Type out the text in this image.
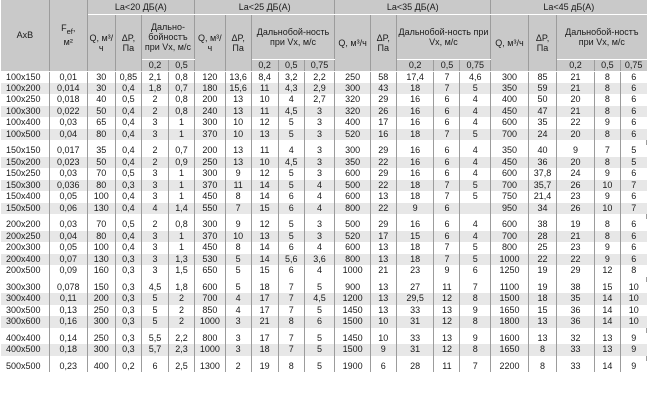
AxB	$F_{ef}$,
м²	La<20 ДБ(A)				La<25 ДБ(A)					La<35 ДБ(A)					La<45 дБ(A)				
		Q, м³/ч	ΔP, Па	Дально-бойностъ при Vx, м/с		Q, м³/ч	ΔP, Па	Дальнобой-ность при Vx, м/с			Q, м³/ч	ΔP, Па	Дальнобой-ность при Vx, м/с			Q, м³/ч	ΔP, Па	Дальнобой-ностъ при Vx, м/с		
				0,2	0,5			0,2	0,5	0,75			0,2	0,5	0,75			0,2	0,5	0,75
100x150	0,01	30	0,85	2,1	0,8	120	13,6	8,4	3,2	2,2	250	58	17,4	7	4,6	300	85	21	8	6
100x200	0,014	30	0,4	1,8	0,7	180	15,6	11	4,3	2,9	300	43	18	7	5	350	59	21	8	6
100x250	0,018	40	0,5	2	0,8	200	13	10	4	2,7	320	29	16	6	4	400	50	20	8	6
100x300	0,022	50	0,4	2	0,8	240	13	11	4,5	3	320	26	16	6	4	450	47	21	8	6
100x400	0,03	65	0,4	3	1	300	10	12	5	3	400	17	16	6	4	600	35	22	9	6
100x500	0,04	80	0,4	3	1	370	10	13	5	3	520	16	18	7	5	700	24	20	8	6

150x150	0,017	35	0,4	2	0,7	200	13	11	4	3	300	29	16	6	4	350	40	9	7	5
150x200	0,023	50	0,4	2	0,9	250	13	10	4,5	3	350	22	16	6	4	450	36	20	8	5
150x250	0,03	70	0,5	3	1	300	9	12	5	3	600	29	16	6	4	600	37,8	24	9	6
150x300	0,036	80	0,3	3	1	370	11	14	5	4	500	22	18	7	5	700	35,7	26	10	7
150x400	0,05	100	0,4	3	1	450	8	14	6	4	600	13	18	7	5	750	21,4	23	9	6
150x500	0,06	130	0,4	4	1,4	550	7	15	6	4	800	22	9	6		950	34	26	10	7

200x200	0,03	70	0,5	2	0,8	300	9	12	5	3	500	29	16	6	4	600	38	19	8	6
200x250	0,04	80	0,4	3	1	370	10	13	5	3	520	17	15	6	4	700	28	21	8	6
200x300	0,05	100	0,4	3	1	450	8	14	6	4	600	13	18	7	5	800	25	23	9	6
200x400	0,07	130	0,3	3	1,3	530	5	14	5,6	3,6	800	13	18	7	5	1000	22	22	9	6
200x500	0,09	160	0,3	3	1,5	650	5	15	6	4	1000	21	23	9	6	1250	19	29	12	8

300x300	0,078	150	0,3	4,5	1,8	600	5	18	7	5	900	13	27	11	7	1100	19	38	15	10
300x400	0,11	200	0,3	5	2	700	4	17	7	4,5	1200	13	29,5	12	8	1500	18	35	14	10
300x500	0,13	250	0,3	5	2	850	4	17	7	5	1450	13	33	13	9	1650	15	36	14	10
300x600	0,16	300	0,3	5	2	1000	3	21	8	6	1500	10	31	12	8	1800	13	36	14	10

400x400	0,14	250	0,3	5,5	2,2	800	3	17	7	5	1450	10	33	13	9	1600	13	32	13	9
400x500	0,18	300	0,3	5,7	2,3	1000	3	18	7	5	1500	9	31	12	8	1650	8	33	13	9

500x500	0,23	400	0,2	6	2,5	1300	2	19	8	5	1900	6	28	11	7	2200	8	33	14	9
